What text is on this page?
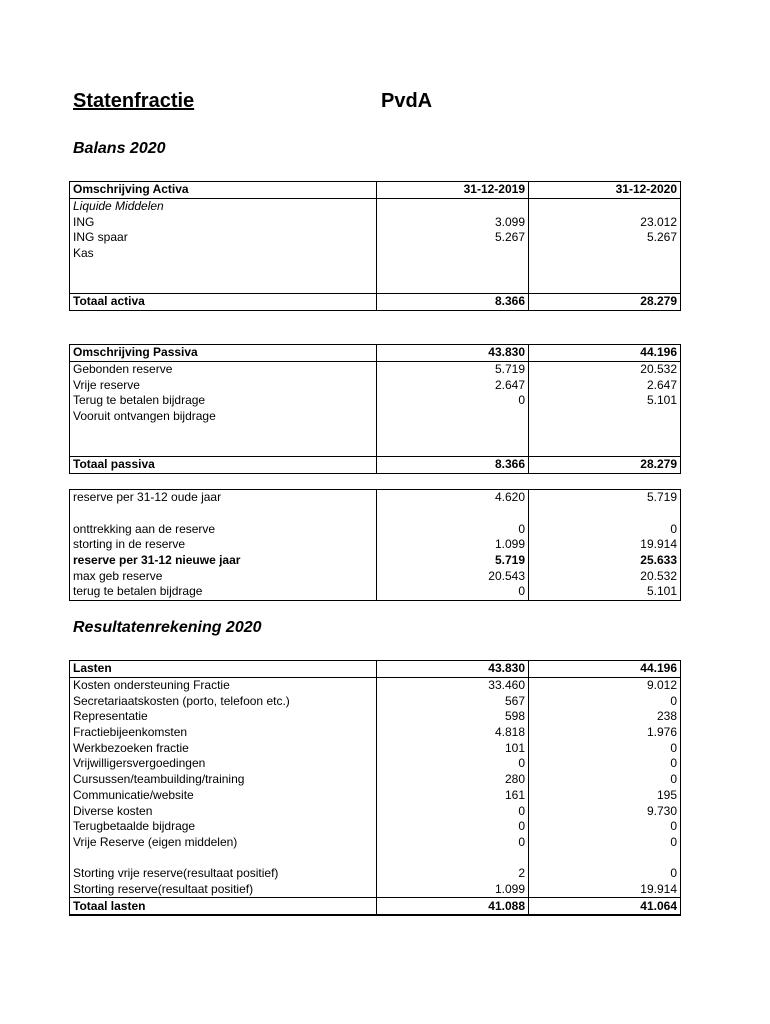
Statenfractie	PvdA
Balans 2020
Omschrijving Activa	31-12-2019	31-12-2020
Liquide Middelen		
ING	3.099	23.012
ING spaar	5.267	5.267
Kas		

Totaal activa	8.366	28.279
Omschrijving Passiva	43.830	44.196
Gebonden reserve	5.719	20.532
Vrije reserve	2.647	2.647
Terug te betalen bijdrage	0	5.101
Vooruit ontvangen bijdrage		

Totaal passiva	8.366	28.279
reserve per 31-12 oude jaar	4.620	5.719

onttrekking aan de reserve	0	0
storting in de reserve	1.099	19.914
reserve per 31-12 nieuwe jaar	5.719	25.633
max geb reserve	20.543	20.532
terug te betalen bijdrage	0	5.101
Resultatenrekening 2020
Lasten	43.830	44.196
Kosten ondersteuning Fractie	33.460	9.012
Secretariaatskosten (porto, telefoon etc.)	567	0
Representatie	598	238
Fractiebijeenkomsten	4.818	1.976
Werkbezoeken fractie	101	0
Vrijwilligersvergoedingen	0	0
Cursussen/teambuilding/training	280	0
Communicatie/website	161	195
Diverse kosten	0	9.730
Terugbetaalde bijdrage	0	0
Vrije Reserve (eigen middelen)	0	0

Storting vrije reserve(resultaat positief)	2	0
Storting reserve(resultaat positief)	1.099	19.914
Totaal lasten	41.088	41.064
